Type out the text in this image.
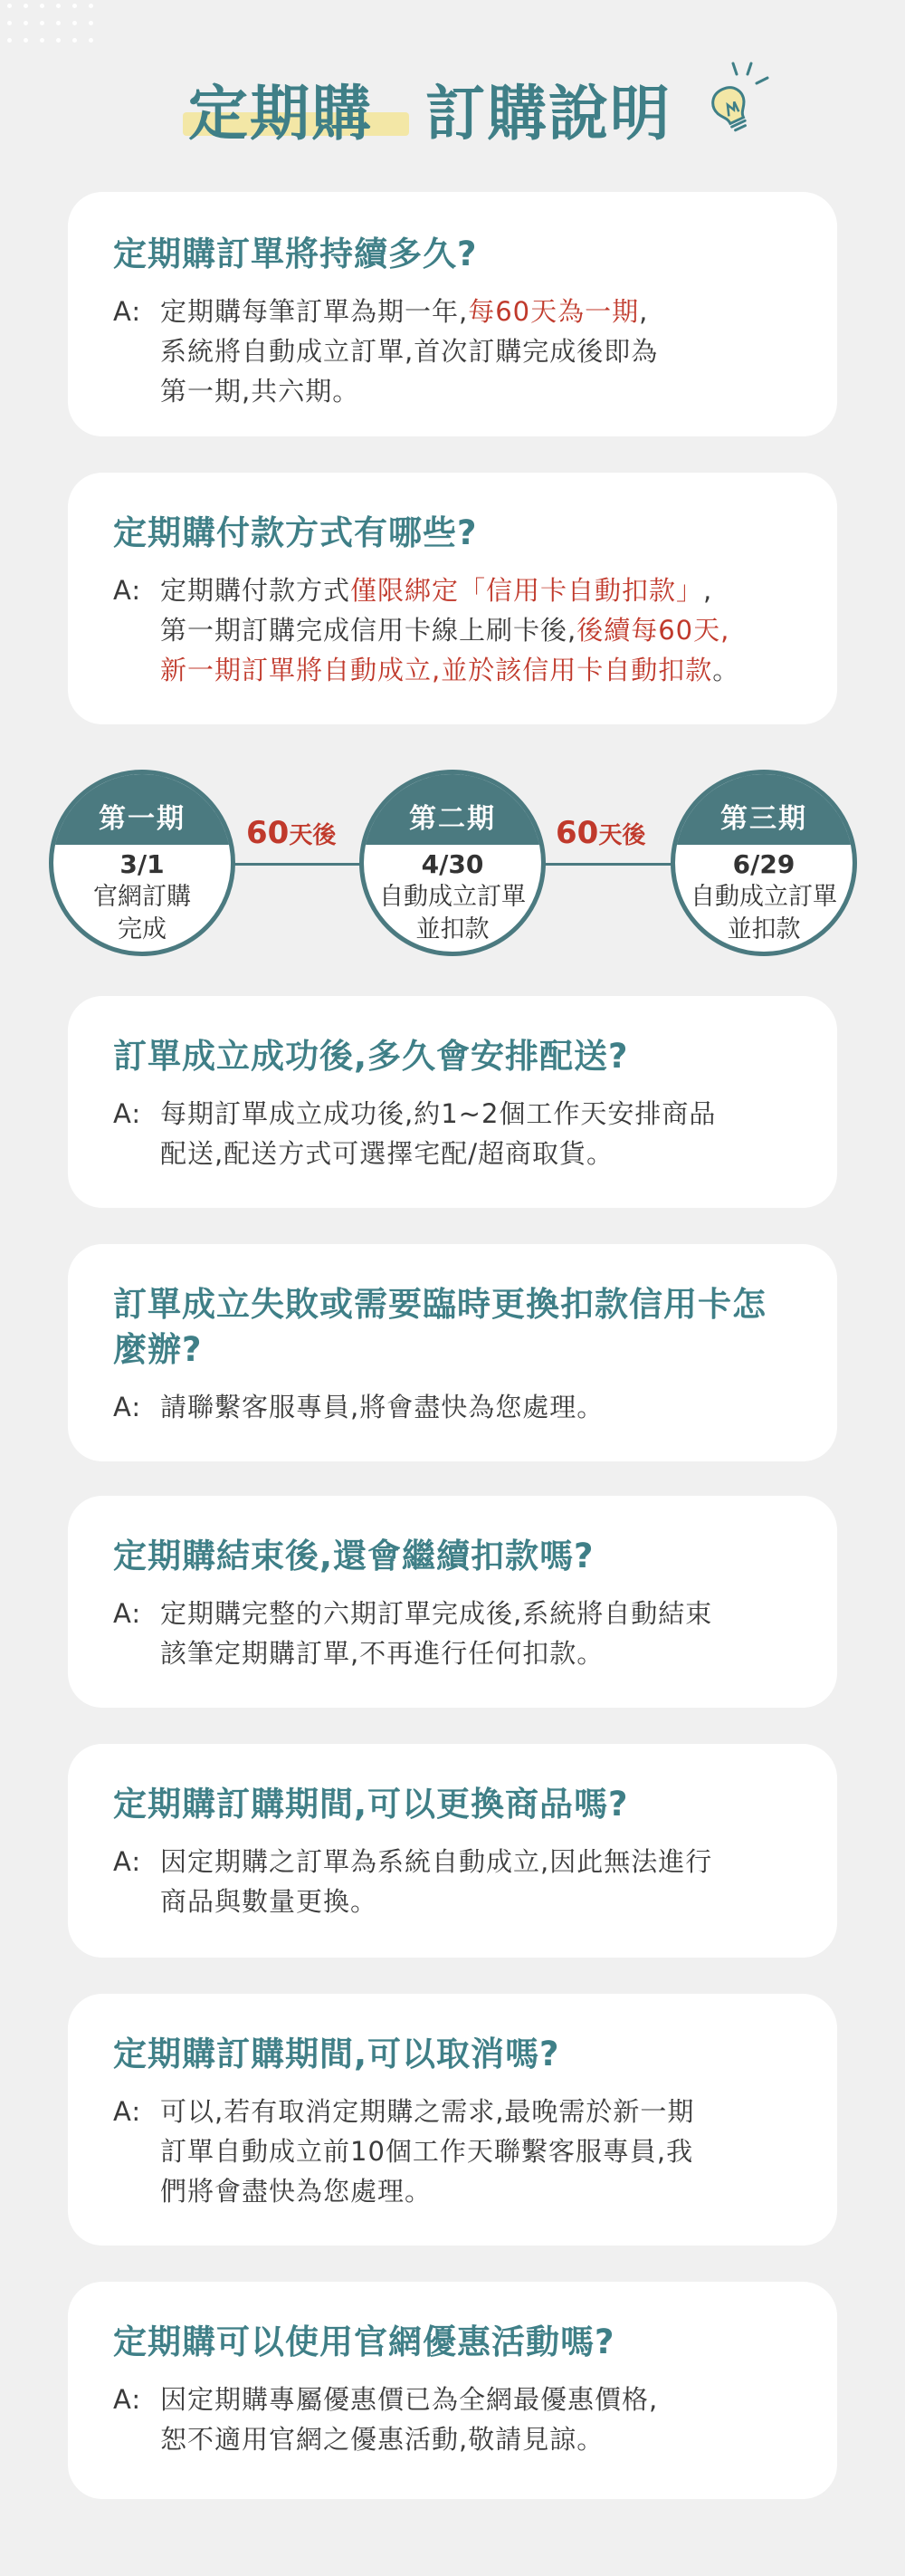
定期購 訂購說明
定期購訂單將持續多久?
A: 定期購每筆訂單為期一年,每60天為一期,
系統將自動成立訂單,首次訂購完成後即為
第一期,共六期。
定期購付款方式有哪些?
A: 定期購付款方式僅限綁定「信用卡自動扣款」,
第一期訂購完成信用卡線上刷卡後,後續每60天,
新一期訂單將自動成立,並於該信用卡自動扣款。
訂單成立成功後,多久會安排配送?
A: 每期訂單成立成功後,約1~2個工作天安排商品
配送,配送方式可選擇宅配/超商取貨。
訂單成立失敗或需要臨時更換扣款信用卡怎麼辦?
A: 請聯繫客服專員,將會盡快為您處理。
定期購結束後,還會繼續扣款嗎?
A: 定期購完整的六期訂單完成後,系統將自動結束
該筆定期購訂單,不再進行任何扣款。
定期購訂購期間,可以更換商品嗎?
A: 因定期購之訂單為系統自動成立,因此無法進行
商品與數量更換。
定期購訂購期間,可以取消嗎?
A: 可以,若有取消定期購之需求,最晚需於新一期
訂單自動成立前10個工作天聯繫客服專員,我
們將會盡快為您處理。
定期購可以使用官網優惠活動嗎?
A: 因定期購專屬優惠價已為全網最優惠價格,
恕不適用官網之優惠活動,敬請見諒。
60天後	60天後
第一期
3/1
官網訂購
完成
第二期
4/30
自動成立訂單
並扣款
第三期
6/29
自動成立訂單
並扣款
